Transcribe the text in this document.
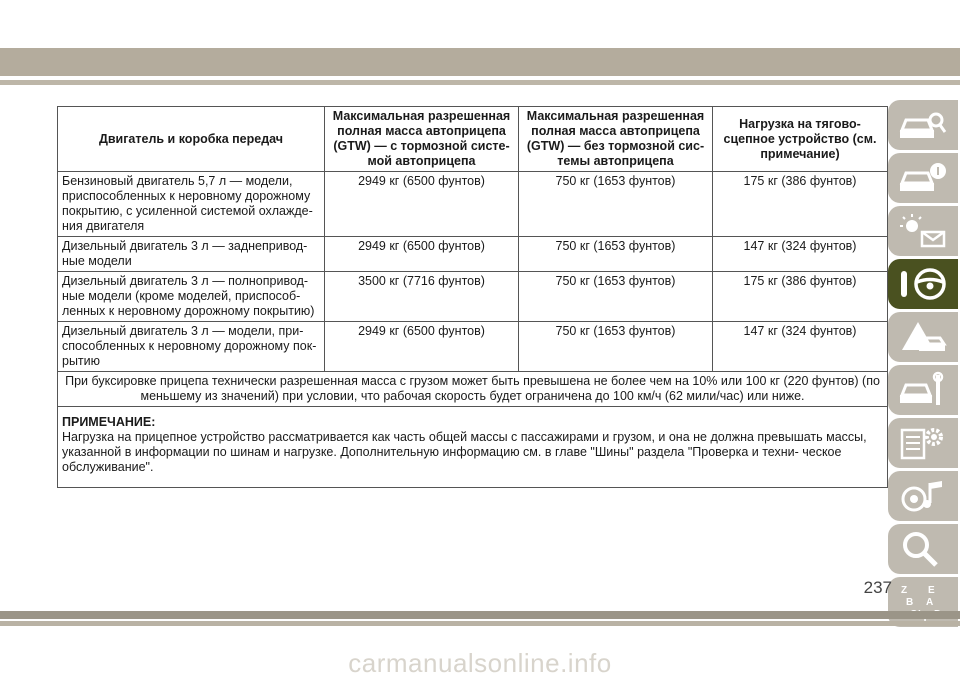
Двигатель и коробка передач	Максимальная разрешенная полная масса автоприцепа (GTW) — с тормозной систе- мой автоприцепа	Максимальная разрешенная полная масса автоприцепа (GTW) — без тормозной сис- темы автоприцепа	Нагрузка на тягово- сцепное устройство (см. примечание)
Бензиновый двигатель 5,7 л — модели, приспособленных к неровному дорожному покрытию, с усиленной системой охлажде- ния двигателя	2949 кг (6500 фунтов)	750 кг (1653 фунтов)	175 кг (386 фунтов)
Дизельный двигатель 3 л — заднепривод- ные модели	2949 кг (6500 фунтов)	750 кг (1653 фунтов)	147 кг (324 фунтов)
Дизельный двигатель 3 л — полнопривод- ные модели (кроме моделей, приспособ- ленных к неровному дорожному покрытию)	3500 кг (7716 фунтов)	750 кг (1653 фунтов)	175 кг (386 фунтов)
Дизельный двигатель 3 л — модели, при- способленных к неровному дорожному пок- рытию	2949 кг (6500 фунтов)	750 кг (1653 фунтов)	147 кг (324 фунтов)
При буксировке прицепа технически разрешенная масса с грузом может быть превышена не более чем на 10% или 100 кг (220 фунтов) (по меньшему из значений) при условии, что рабочая скорость будет ограничена до 100 км/ч (62 мили/час) или ниже.			

ПРИМЕЧАНИЕ:
Нагрузка на прицепное устройство рассматривается как часть общей массы с пассажирами и грузом, и она не должна превышать массы, указанной в информации по шинам и нагрузке. Дополнительную информацию см. в главе "Шины" раздела "Проверка и техни- ческое обслуживание".			
Z E
B A
237
carmanualsonline.info
